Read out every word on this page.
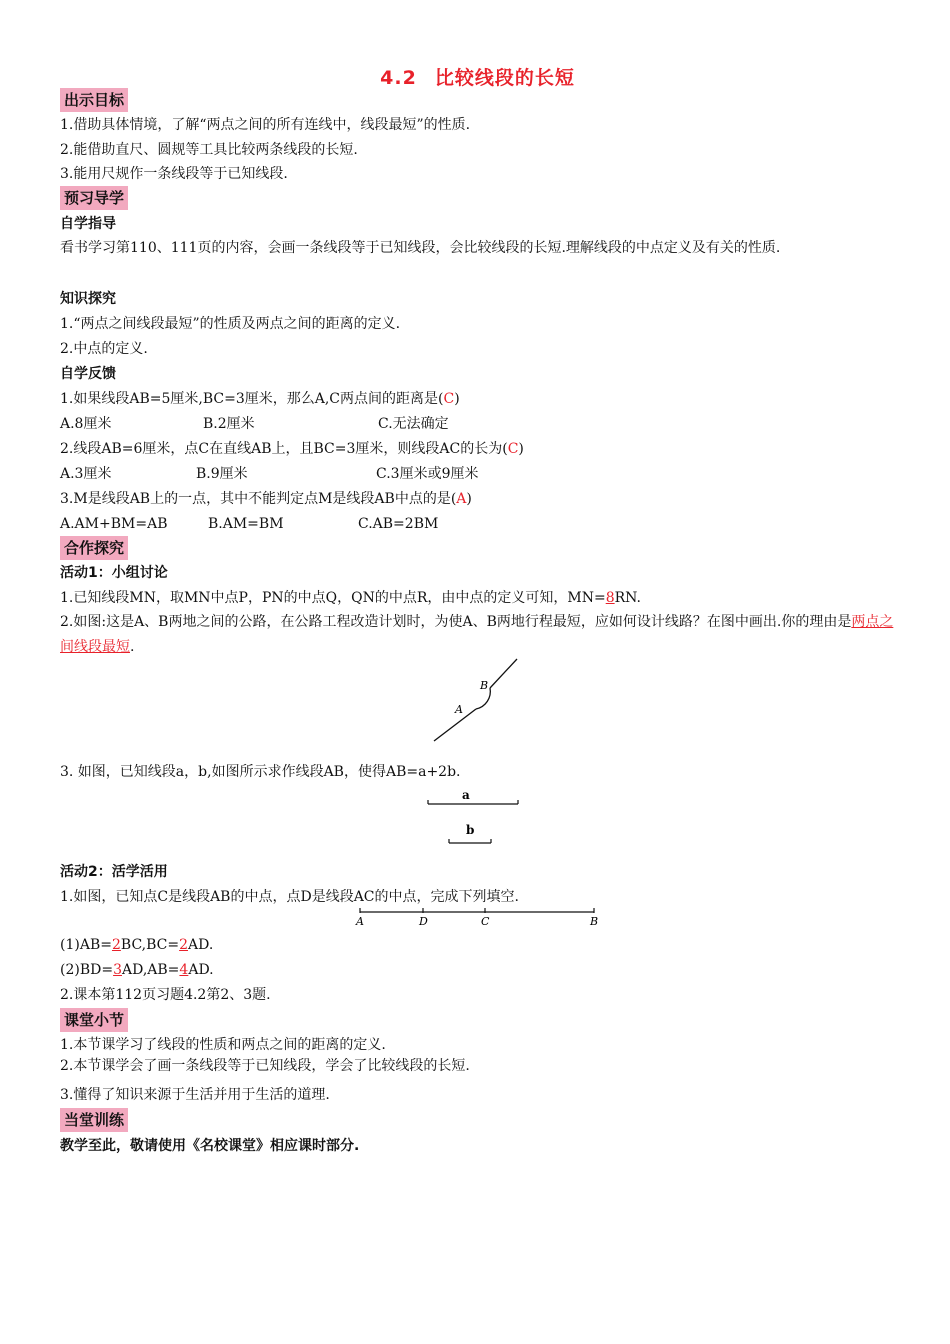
4.2 比较线段的长短
出示目标
1.借助具体情境，了解“两点之间的所有连线中，线段最短”的性质.
2.能借助直尺、圆规等工具比较两条线段的长短.
3.能用尺规作一条线段等于已知线段.
预习导学
自学指导
看书学习第110、111页的内容，会画一条线段等于已知线段，会比较线段的长短.理解线段的中点定义及有关的性质.
知识探究
1.“两点之间线段最短”的性质及两点之间的距离的定义.
2.中点的定义.
自学反馈
1.如果线段AB=5厘米,BC=3厘米，那么A,C两点间的距离是(C)
A.8厘米	B.2厘米	C.无法确定
2.线段AB=6厘米，点C在直线AB上，且BC=3厘米，则线段AC的长为(C)
A.3厘米	B.9厘米	C.3厘米或9厘米
3.M是线段AB上的一点，其中不能判定点M是线段AB中点的是(A)
A.AM+BM=AB	B.AM=BM	C.AB=2BM
合作探究
活动1：小组讨论
1.已知线段MN，取MN中点P，PN的中点Q，QN的中点R，由中点的定义可知，MN=8RN.
2.如图:这是A、B两地之间的公路，在公路工程改造计划时，为使A、B两地行程最短，应如何设计线路？在图中画出.你的理由是两点之间线段最短.
A
B
3. 如图，已知线段a，b,如图所示求作线段AB，使得AB=a+2b.
a
b
活动2：活学活用
1.如图，已知点C是线段AB的中点，点D是线段AC的中点，完成下列填空.
A	D	C	B
(1)AB=2BC,BC=2AD.
(2)BD=3AD,AB=4AD.
2.课本第112页习题4.2第2、3题.
课堂小节
1.本节课学习了线段的性质和两点之间的距离的定义.
2.本节课学会了画一条线段等于已知线段，学会了比较线段的长短.
3.懂得了知识来源于生活并用于生活的道理.
当堂训练
教学至此，敬请使用《名校课堂》相应课时部分.
